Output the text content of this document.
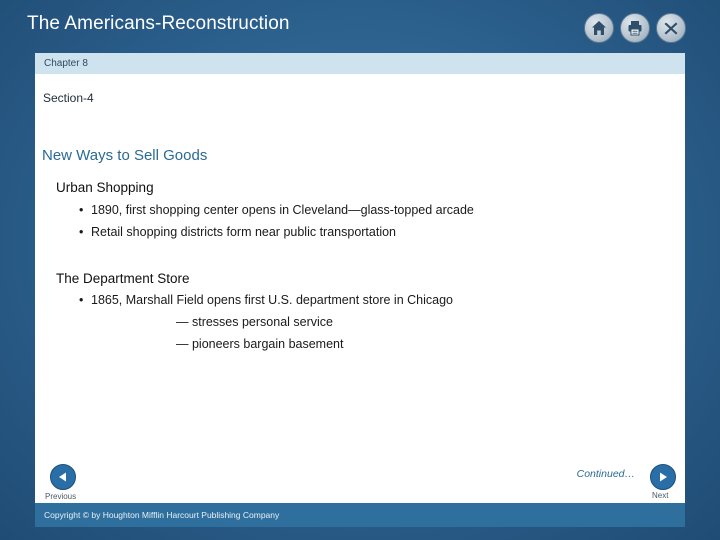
The Americans-Reconstruction
Chapter 8
Section-4
New Ways to Sell Goods
Urban Shopping
• 1890, first shopping center opens in Cleveland—glass-topped arcade
• Retail shopping districts form near public transportation
The Department Store
• 1865, Marshall Field opens first U.S. department store in Chicago
— stresses personal service
— pioneers bargain basement
Previous
Continued…
Next
Copyright © by Houghton Mifflin Harcourt Publishing Company
